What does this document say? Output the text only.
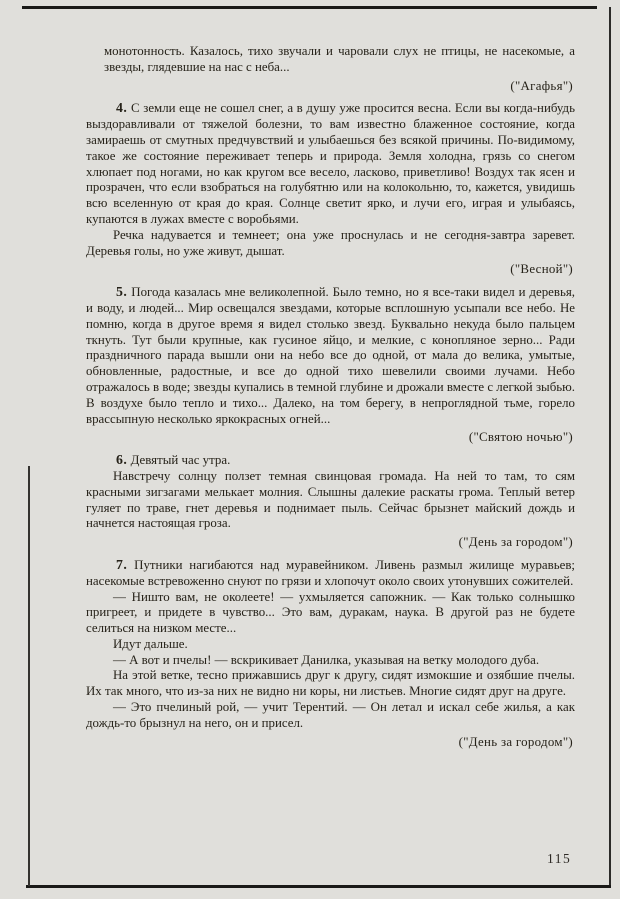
монотонность. Казалось, тихо звучали и чаровали слух не птицы, не насекомые, а звезды, глядевшие на нас с неба...

("Агафья")

4. С земли еще не сошел снег, а в душу уже просится весна. Если вы когда-нибудь выздоравливали от тяжелой болезни, то вам известно блаженное состояние, когда замираешь от смутных предчувствий и улыбаешься без всякой причины. По-видимому, такое же состояние переживает теперь и природа. Земля холодна, грязь со снегом хлюпает под ногами, но как кругом все весело, ласково, приветливо! Воздух так ясен и прозрачен, что если взобраться на голубятню или на колокольню, то, кажется, увидишь всю вселенную от края до края. Солнце светит ярко, и лучи его, играя и улыбаясь, купаются в лужах вместе с воробьями.

Речка надувается и темнеет; она уже проснулась и не сегодня-завтра заревет. Деревья голы, но уже живут, дышат.

("Весной")

5. Погода казалась мне великолепной. Было темно, но я все-таки видел и деревья, и воду, и людей... Мир освещался звездами, которые всплошную усыпали все небо. Не помню, когда в другое время я видел столько звезд. Буквально некуда было пальцем ткнуть. Тут были крупные, как гусиное яйцо, и мелкие, с конопляное зерно... Ради праздничного парада вышли они на небо все до одной, от мала до велика, умытые, обновленные, радостные, и все до одной тихо шевелили своими лучами. Небо отражалось в воде; звезды купались в темной глубине и дрожали вместе с легкой зыбью. В воздухе было тепло и тихо... Далеко, на том берегу, в непроглядной тьме, горело врассыпную несколько яркокрасных огней...

("Святою ночью")

6. Девятый час утра.

Навстречу солнцу ползет темная свинцовая громада. На ней то там, то сям красными зигзагами мелькает молния. Слышны далекие раскаты грома. Теплый ветер гуляет по траве, гнет деревья и поднимает пыль. Сейчас брызнет майский дождь и начнется настоящая гроза.

("День за городом")

7. Путники нагибаются над муравейником. Ливень размыл жилище муравьев; насекомые встревоженно снуют по грязи и хлопочут около своих утонувших сожителей.

— Ништо вам, не околеете! — ухмыляется сапожник. — Как только солнышко пригреет, и придете в чувство... Это вам, дуракам, наука. В другой раз не будете селиться на низком месте...

Идут дальше.

— А вот и пчелы! — вскрикивает Данилка, указывая на ветку молодого дуба.

На этой ветке, тесно прижавшись друг к другу, сидят измокшие и озябшие пчелы. Их так много, что из-за них не видно ни коры, ни листьев. Многие сидят друг на друге.

— Это пчелиный рой, — учит Терентий. — Он летал и искал себе жилья, а как дождь-то брызнул на него, он и присел.

("День за городом")

115
